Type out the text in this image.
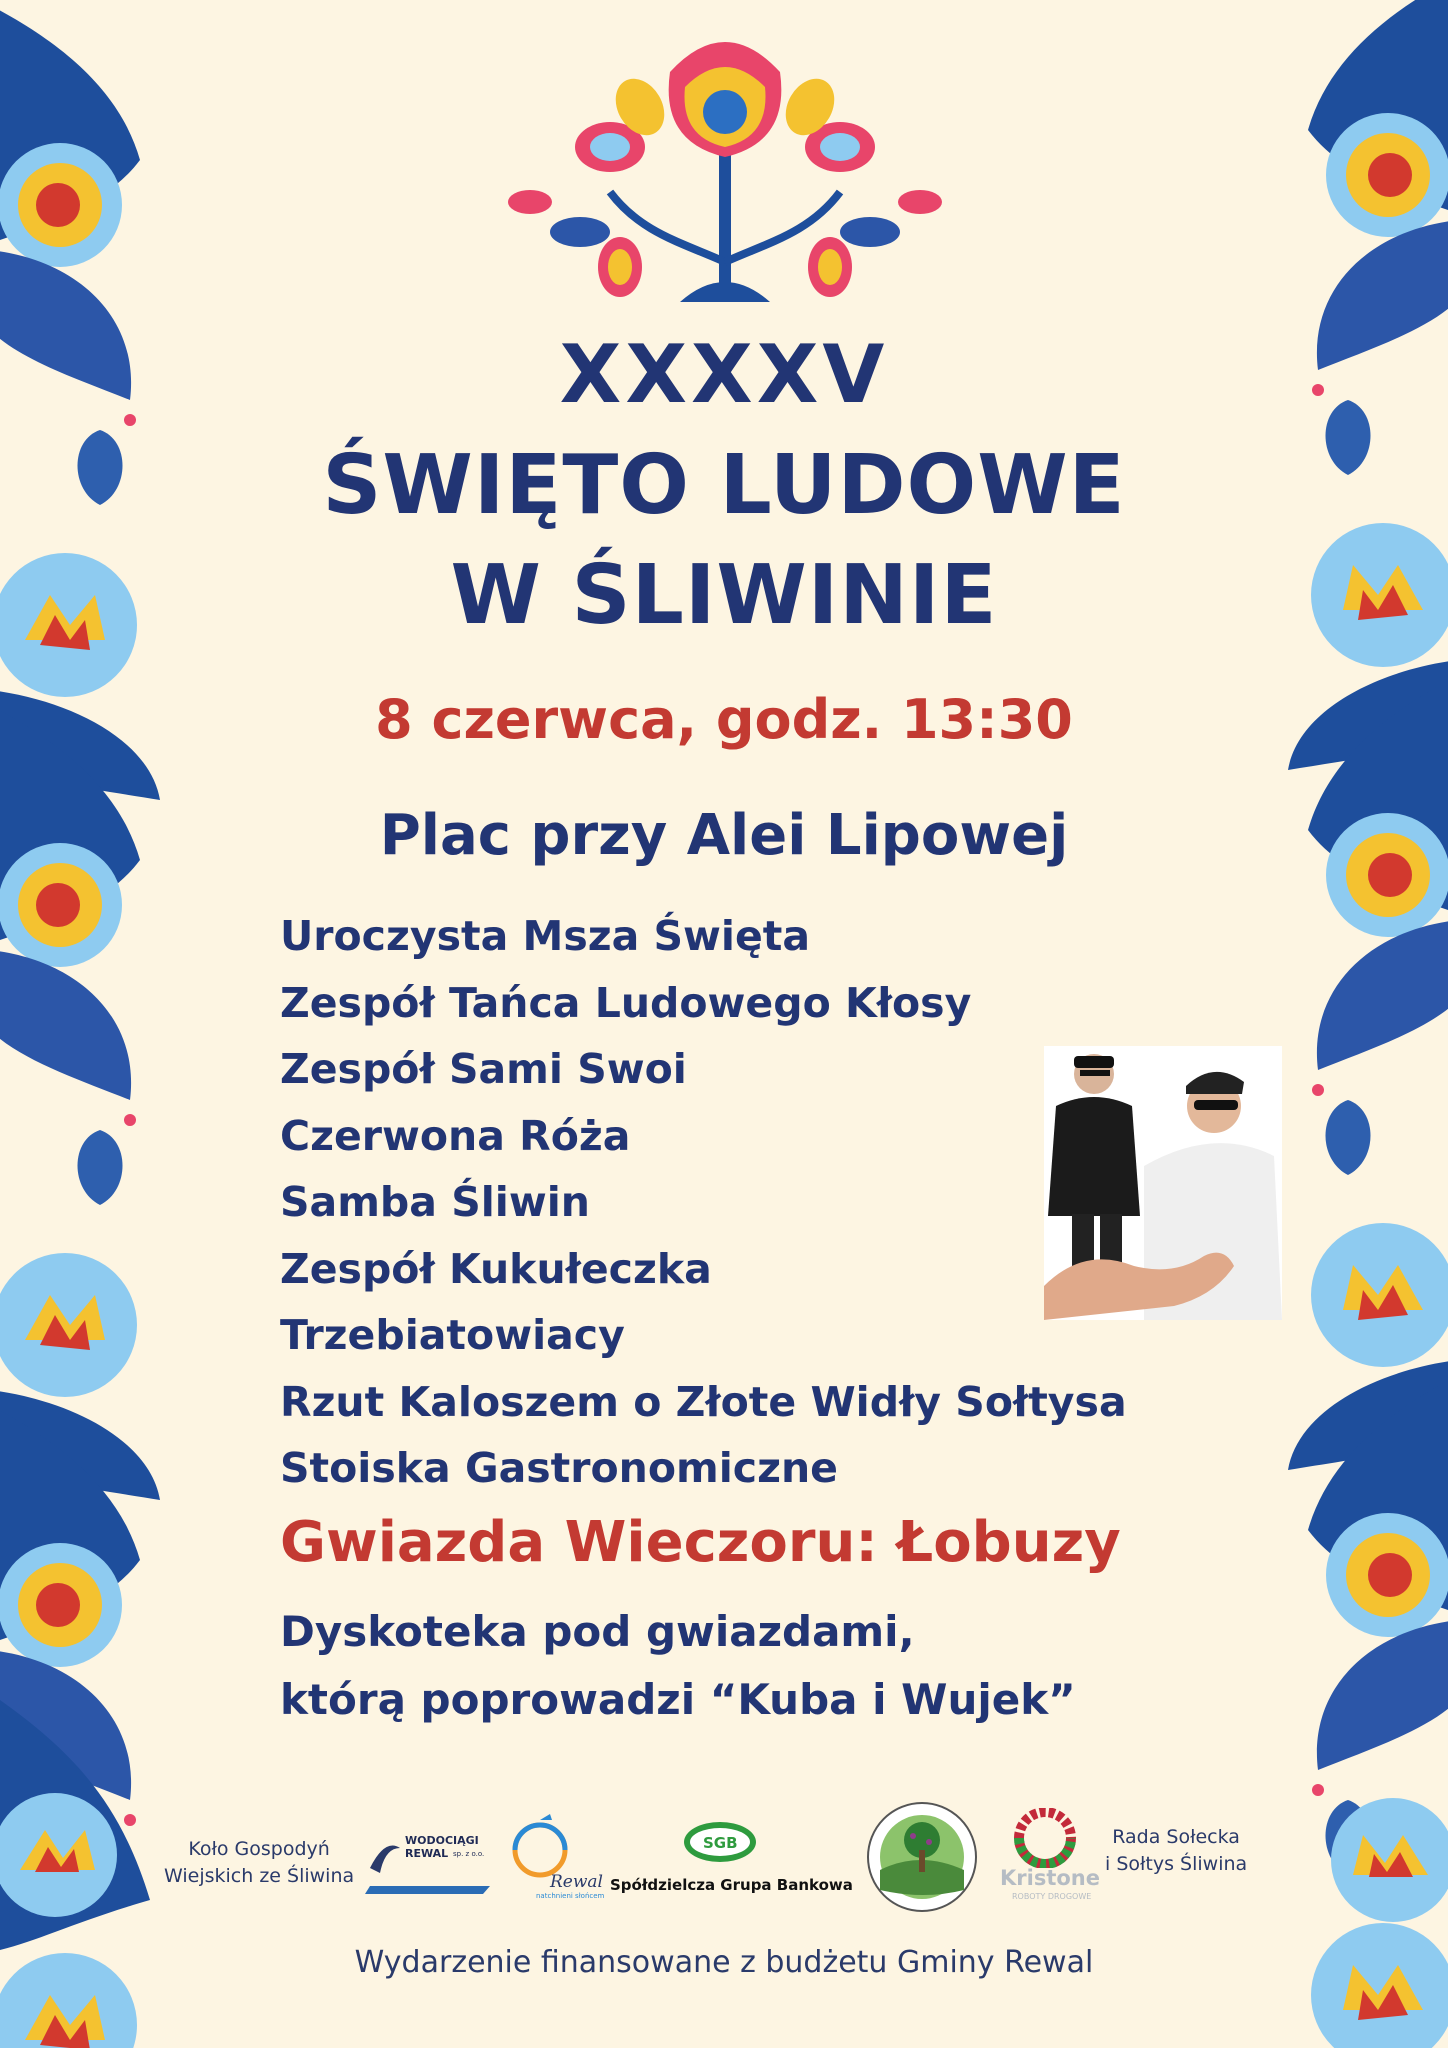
XXXXV
ŚWIĘTO LUDOWE
W ŚLIWINIE
8 czerwca, godz. 13:30
Plac przy Alei Lipowej
Uroczysta Msza Święta
Zespół Tańca Ludowego Kłosy
Zespół Sami Swoi
Czerwona Róża
Samba Śliwin
Zespół Kukułeczka
Trzebiatowiacy
Rzut Kaloszem o Złote Widły Sołtysa
Stoiska Gastronomiczne
Gwiazda Wieczoru: Łobuzy
Dyskoteka pod gwiazdami,
którą poprowadzi “Kuba i Wujek”
Koło Gospodyń
Wiejskich ze Śliwina
WODOCIĄGI
REWAL sp. z o.o.
Rewal
natchnieni słońcem
SGB
Spółdzielcza Grupa Bankowa	Kristone
ROBOTY DROGOWE
Rada Sołecka
i Sołtys Śliwina
Wydarzenie finansowane z budżetu Gminy Rewal
